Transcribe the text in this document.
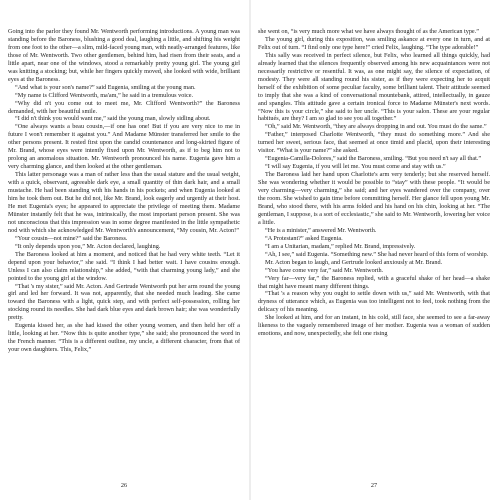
Going into the parlor they found Mr. Wentworth performing introductions. A young man was standing before the Baroness, blushing a good deal, laughing a little, and shifting his weight from one foot to the other—a slim, mild-faced young man, with neatly-arranged features, like those of Mr. Wentworth. Two other gentlemen, behind him, had risen from their seats, and a little apart, near one of the windows, stood a remarkably pretty young girl. The young girl was knitting a stocking; but, while her fingers quickly moved, she looked with wide, brilliant eyes at the Baroness.

“And what is your son's name?” said Eugenia, smiling at the young man.

“My name is Clifford Wentworth, ma'am,” he said in a tremulous voice.

“Why did n't you come out to meet me, Mr. Clifford Wentworth?” the Baroness demanded, with her beautiful smile.

“I did n't think you would want me,” said the young man, slowly sidling about.

“One always wants a beau cousin,—if one has one! But if you are very nice to me in future I won't remember it against you.” And Madame Münster transferred her smile to the other persons present. It rested first upon the candid countenance and long-skirted figure of Mr. Brand, whose eyes were intently fixed upon Mr. Wentworth, as if to beg him not to prolong an anomalous situation. Mr. Wentworth pronounced his name. Eugenia gave him a very charming glance, and then looked at the other gentleman.

This latter personage was a man of rather less than the usual stature and the usual weight, with a quick, observant, agreeable dark eye, a small quantity of thin dark hair, and a small mustache. He had been standing with his hands in his pockets; and when Eugenia looked at him he took them out. But he did not, like Mr. Brand, look eagerly and urgently at their host. He met Eugenia's eyes; he appeared to appreciate the privilege of meeting them. Madame Münster instantly felt that he was, intrinsically, the most important person present. She was not unconscious that this impression was in some degree manifested in the little sympathetic nod with which she acknowledged Mr. Wentworth's announcement, “My cousin, Mr. Acton!”

“Your cousin—not mine?” said the Baroness.

“It only depends upon you,” Mr. Acton declared, laughing.

The Baroness looked at him a moment, and noticed that he had very white teeth. “Let it depend upon your behavior,” she said. “I think I had better wait. I have cousins enough. Unless I can also claim relationship,” she added, “with that charming young lady,” and she pointed to the young girl at the window.

“That 's my sister,” said Mr. Acton. And Gertrude Wentworth put her arm round the young girl and led her forward. It was not, apparently, that she needed much leading. She came toward the Baroness with a light, quick step, and with perfect self-possession, rolling her stocking round its needles. She had dark blue eyes and dark brown hair; she was wonderfully pretty.

Eugenia kissed her, as she had kissed the other young women, and then held her off a little, looking at her. “Now this is quite another type,” she said; she pronounced the word in the French manner. “This is a different outline, my uncle, a different character, from that of your own daughters. This, Felix,”

26

she went on, “is very much more what we have always thought of as the American type.”

The young girl, during this exposition, was smiling askance at every one in turn, and at Felix out of turn. “I find only one type here!” cried Felix, laughing. “The type adorable!”

This sally was received in perfect silence, but Felix, who learned all things quickly, had already learned that the silences frequently observed among his new acquaintances were not necessarily restrictive or resentful. It was, as one might say, the silence of expectation, of modesty. They were all standing round his sister, as if they were expecting her to acquit herself of the exhibition of some peculiar faculty, some brilliant talent. Their attitude seemed to imply that she was a kind of conversational mountebank, attired, intellectually, in gauze and spangles. This attitude gave a certain ironical force to Madame Münster's next words. “Now this is your circle,” she said to her uncle. “This is your salon. These are your regular habitués, are they? I am so glad to see you all together.”

“Oh,” said Mr. Wentworth, “they are always dropping in and out. You must do the same.”

“Father,” interposed Charlotte Wentworth, “they must do something more.” And she turned her sweet, serious face, that seemed at once timid and placid, upon their interesting visitor. “What is your name?” she asked.

“Eugenia-Camilla-Dolores,” said the Baroness, smiling. “But you need n't say all that.”

“I will say Eugenia, if you will let me. You must come and stay with us.”

The Baroness laid her hand upon Charlotte's arm very tenderly; but she reserved herself. She was wondering whether it would be possible to “stay” with these people. “It would be very charming—very charming,” she said; and her eyes wandered over the company, over the room. She wished to gain time before committing herself. Her glance fell upon young Mr. Brand, who stood there, with his arms folded and his hand on his chin, looking at her. “The gentleman, I suppose, is a sort of ecclesiastic,” she said to Mr. Wentworth, lowering her voice a little.

“He is a minister,” answered Mr. Wentworth.

“A Protestant?” asked Eugenia.

“I am a Unitarian, madam,” replied Mr. Brand, impressively.

“Ah, I see,” said Eugenia. “Something new.” She had never heard of this form of worship.

Mr. Acton began to laugh, and Gertrude looked anxiously at Mr. Brand.

“You have come very far,” said Mr. Wentworth.

“Very far—very far,” the Baroness replied, with a graceful shake of her head—a shake that might have meant many different things.

“That 's a reason why you ought to settle down with us,” said Mr. Wentworth, with that dryness of utterance which, as Eugenia was too intelligent not to feel, took nothing from the delicacy of his meaning.

She looked at him, and for an instant, in his cold, still face, she seemed to see a far-away likeness to the vaguely remembered image of her mother. Eugenia was a woman of sudden emotions, and now, unexpectedly, she felt one rising

27
